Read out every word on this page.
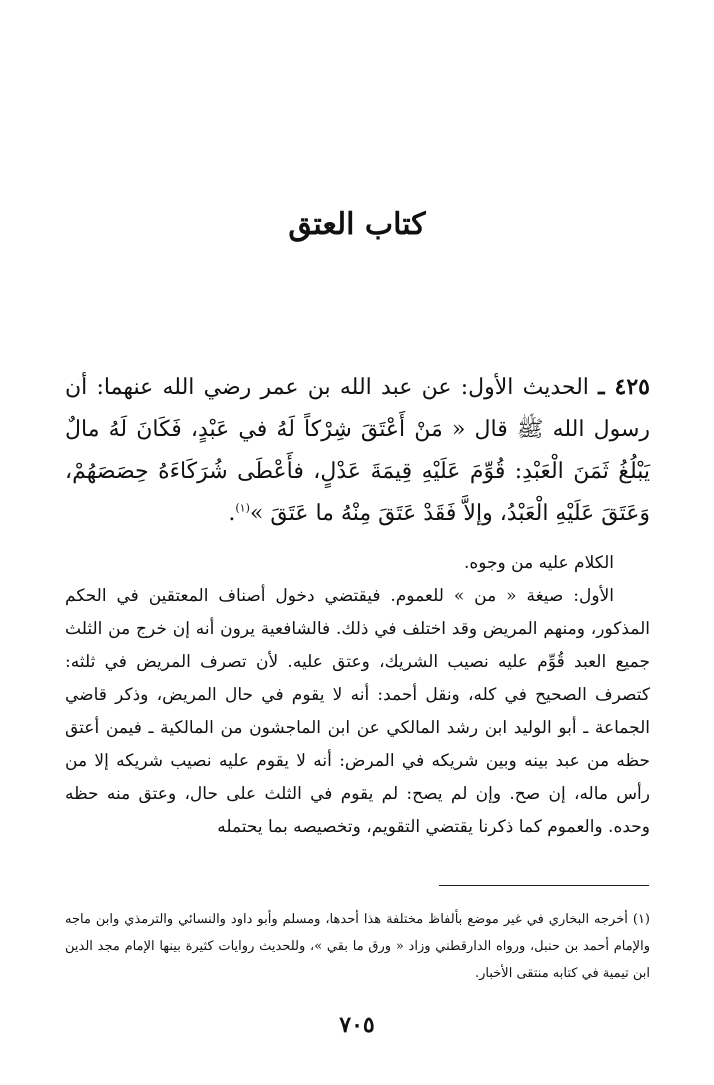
كتاب العتق

٤٢٥ ـ الحديث الأول: عن عبد الله بن عمر رضي الله عنهما: أن رسول الله ﷺ قال « مَنْ أَعْتَقَ شِرْكاً لَهُ في عَبْدٍ، فَكَانَ لَهُ مالٌ يَبْلُغُ ثَمَنَ الْعَبْدِ: قُوِّمَ عَلَيْهِ قِيمَةَ عَدْلٍ، فأَعْطَى شُرَكَاءَهُ حِصَصَهُمْ، وَعَتَقَ عَلَيْهِ الْعَبْدُ، وإلاَّ فَقَدْ عَتَقَ مِنْهُ ما عَتَقَ »$^{(١)}$.

الكلام عليه من وجوه.

الأول: صيغة « من » للعموم. فيقتضي دخول أصناف المعتقين في الحكم المذكور، ومنهم المريض وقد اختلف في ذلك. فالشافعية يرون أنه إن خرج من الثلث جميع العبد قُوِّم عليه نصيب الشريك، وعتق عليه. لأن تصرف المريض في ثلثه: كتصرف الصحيح في كله، ونقل أحمد: أنه لا يقوم في حال المريض، وذكر قاضي الجماعة ـ أبو الوليد ابن رشد المالكي عن ابن الماجشون من المالكية ـ فيمن أعتق حظه من عبد بينه وبين شريكه في المرض: أنه لا يقوم عليه نصيب شريكه إلا من رأس ماله، إن صح. وإن لم يصح: لم يقوم في الثلث على حال، وعتق منه حظه وحده. والعموم كما ذكرنا يقتضي التقويم، وتخصيصه بما يحتمله

(١) أخرجه البخاري في غير موضع بألفاظ مختلفة هذا أحدها، ومسلم وأبو داود والنسائي والترمذي وابن ماجه والإمام أحمد بن حنبل، ورواه الدارقطني وزاد « ورق ما بقي »، وللحديث روايات كثيرة بينها الإمام مجد الدين ابن تيمية في كتابه منتقى الأخبار.

٧٠٥
